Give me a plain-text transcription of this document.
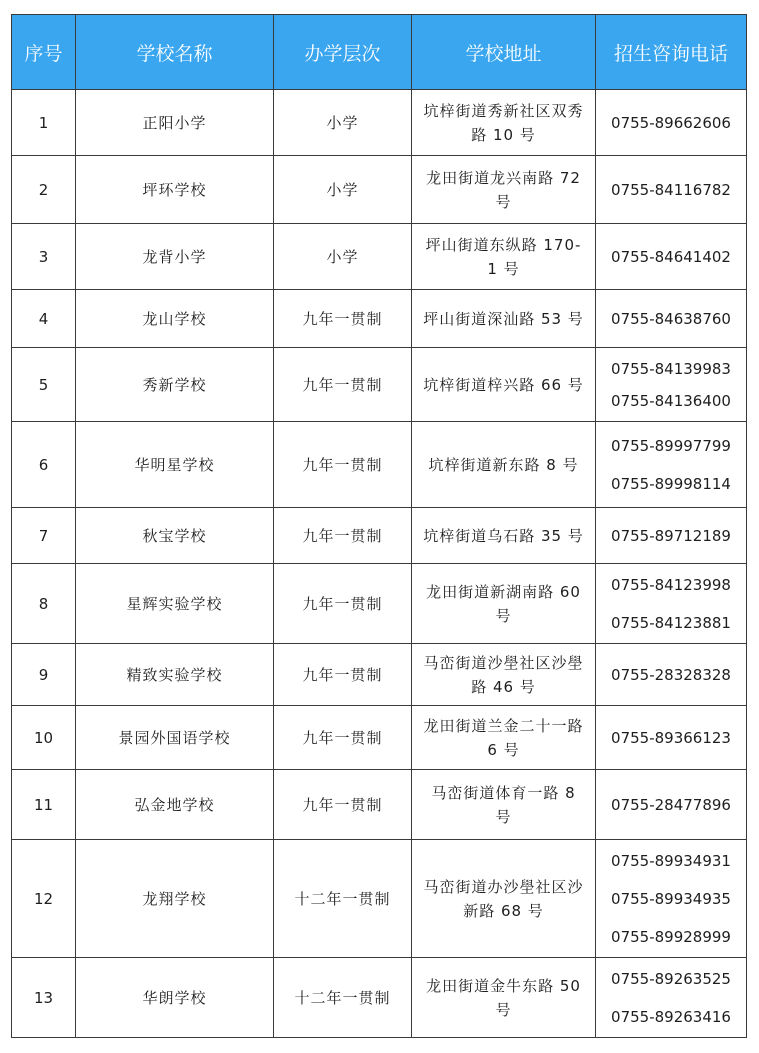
序号	学校名称	办学层次	学校地址	招生咨询电话
1	正阳小学	小学	坑梓街道秀新社区双秀路 10 号	0755-89662606

2	坪环学校	小学	龙田街道龙兴南路 72 号	0755-84116782

3	龙背小学	小学	坪山街道东纵路 170-1 号	0755-84641402

4	龙山学校	九年一贯制	坪山街道深汕路 53 号	0755-84638760

5	秀新学校	九年一贯制	坑梓街道梓兴路 66 号	0755-84139983
0755-84136400

6	华明星学校	九年一贯制	坑梓街道新东路 8 号	0755-89997799
0755-89998114

7	秋宝学校	九年一贯制	坑梓街道乌石路 35 号	0755-89712189

8	星辉实验学校	九年一贯制	龙田街道新湖南路 60 号	0755-84123998
0755-84123881

9	精致实验学校	九年一贯制	马峦街道沙壆社区沙壆路 46 号	0755-28328328

10	景园外国语学校	九年一贯制	龙田街道兰金二十一路 6 号	0755-89366123

11	弘金地学校	九年一贯制	马峦街道体育一路 8 号	0755-28477896

12	龙翔学校	十二年一贯制	马峦街道办沙壆社区沙新路 68 号	0755-89934931
0755-89934935
0755-89928999

13	华朗学校	十二年一贯制	龙田街道金牛东路 50 号	0755-89263525
0755-89263416
